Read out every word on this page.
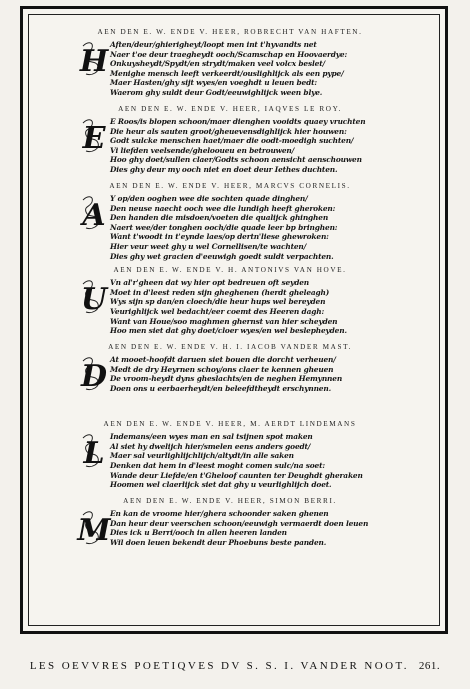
AEN DEN E. W. ENDE V. HEER, ROBRECHT VAN HAFTEN.
H Aften/deur/ghierigheyt/loopt men int t'hyvandts net
Naer t'oe deur traegheydt ooch/Scamschap en Hoovaerdye:
Onkuysheydt/Spydt/en strydt/maken veel volcx beslet/
Menighe mensch leeft verkeerdt/ouslighlijck als een pype/
Maer Hasten/ghy sijt wyes/en voeghdt u leuen bedt:
Waerom ghy suldt deur Godt/eeuwighlijck ween blye.
AEN DEN E. W. ENDE V. HEER, IAQVES LE ROY.
E E Roos/is blopen schoon/maer dienghen vooidts quaey vruchten
Die heur als sauten groot/gheuevensdighlijck hier houwen:
Godt sulcke menschen haet/maer die oodt-moedigh suchten/
Vi liefden veelsende/ghelooueu en betrouwen/
Hoo ghy doet/sullen claer/Godts schoon aensicht aenschouwen
Dies ghy deur my ooch niet en doet deur Iethes duchten.
AEN DEN E. W. ENDE V. HEER, MARCVS CORNELIS.
A Y op/den ooghen wee die sochten quade dinghen/
Den neuse naecht ooch wee die lundigh heeft gheroken:
Den handen die misdoen/voeten die qualijck ghinghen
Naert wee/der tonghen ooch/die quade leer bp bringhen:
Want t'woodt in t'eynde laes/op dertn'liese ghewroken:
Hier veur weet ghy u wel Cornellisen/te wachten/
Dies ghy wet gracien d'eeuwigh goedt suldt verpachten.
AEN DEN E. W. ENDE V. H. ANTONIVS VAN HOVE.
U Vn al'r'gheen dat wy hier opt bedreuen oft seyden
Moet in d'leest reden sijn gheghenen (herdt gheleagh)
Wys sijn sp dan/en cloech/die heur hups wel bereyden
Veurighlijck wel bedacht/eer coemt des Heeren dagh:
Want van Houe/soo maghmen ghernst van hier scheyden
Hoo men siet dat ghy doet/cloer wyes/en wel beslepheyden.
AEN DEN E. W. ENDE V. H. I. IACOB VANDER MAST.
D At mooet-hoofdt daruen siet bouen die dorcht verheuen/
Medt de dry Heyrnen schoy/ons claer te kennen gheuen
De vroom-heydt dyns gheslachts/en de neghen Hemynnen
Doen ons u eerbaerheydt/en beleefdtheydt erschynnen.
AEN DEN E. W. ENDE V. HEER, M. AERDT LINDEMANS
L Indemans/een wyes man en sal tsijnen spot maken
Al siet hy dwelijch hier/smelen eens anders goedt/
Maer sal veurlighlijchlijch/altydt/in alle saken
Denken dat hem in d'leest moght comen sulc/na soet:
Wande deur Liefde/en t'Gheloof caunten ter Deughdt gheraken
Hoomen wel claerlijck siet dat ghy u veurlighlijch doet.
AEN DEN E. W. ENDE V. HEER, SIMON BERRI.
M En kan de vroome hier/ghera schoonder saken ghenen
Dan heur deur veerschen schoon/eeuwigh vermaerdt doen leuen
Dies ick u Berri/ooch in allen heeren landen
Wil doen leuen bekendt deur Phoebuns beste panden.
LES OEVVRES POETIQVES DV S. S. I. VANDER NOOT. 261.
